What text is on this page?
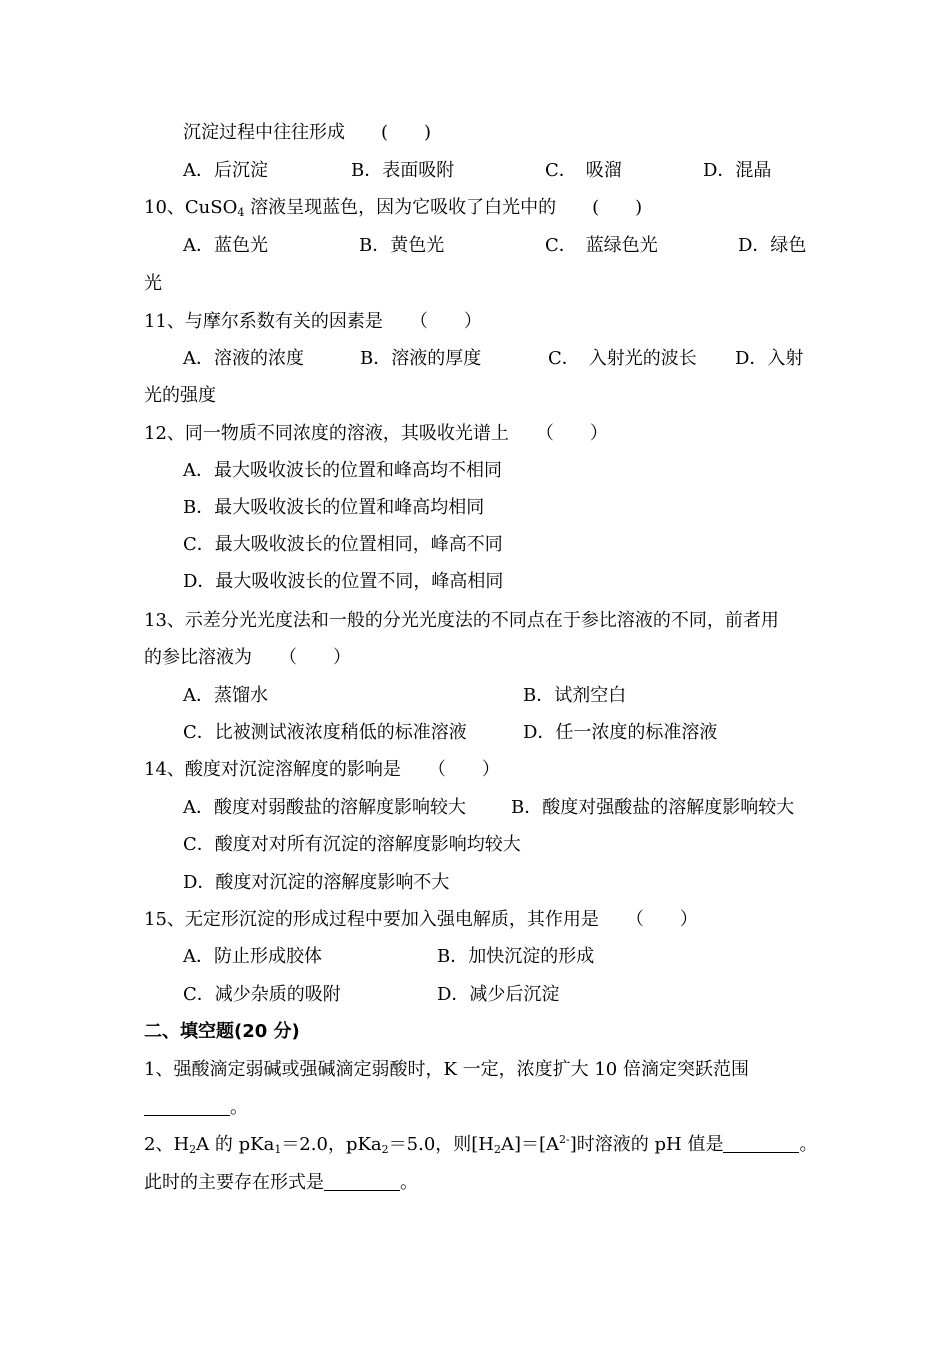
沉淀过程中往往形成　　(　　)
A．后沉淀	B．表面吸附	C．　吸溜	D．混晶
10、CuSO$_4$ 溶液呈现蓝色，因为它吸收了白光中的　　(　　)
A．蓝色光	B．黄色光	C．　蓝绿色光	D．绿色
光
11、与摩尔系数有关的因素是　　（　　）
A．溶液的浓度	B．溶液的厚度	C．　入射光的波长 D．入射
光的强度
12、同一物质不同浓度的溶液，其吸收光谱上　　（　　）
A．最大吸收波长的位置和峰高均不相同
B．最大吸收波长的位置和峰高均相同
C．最大吸收波长的位置相同，峰高不同
D．最大吸收波长的位置不同，峰高相同
13、示差分光光度法和一般的分光光度法的不同点在于参比溶液的不同，前者用
的参比溶液为　　（　　）
A．蒸馏水	B．试剂空白
C．比被测试液浓度稍低的标准溶液	D．任一浓度的标准溶液
14、酸度对沉淀溶解度的影响是　　（　　）
A．酸度对弱酸盐的溶解度影响较大	B．酸度对强酸盐的溶解度影响较大
C．酸度对对所有沉淀的溶解度影响均较大
D．酸度对沉淀的溶解度影响不大
15、无定形沉淀的形成过程中要加入强电解质，其作用是　　（　　）
A．防止形成胶体	B．加快沉淀的形成
C．减少杂质的吸附	D．减少后沉淀
二、填空题(20 分)
1、强酸滴定弱碱或强碱滴定弱酸时，K 一定，浓度扩大 10 倍滴定突跃范围
。
2、$H_2A$ 的 pKa$_1$＝2.0，pKa$_2$＝5.0，则$[H_2A]=[A^{2-}]$时溶液的 pH 值是	。
此时的主要存在形式是	。
